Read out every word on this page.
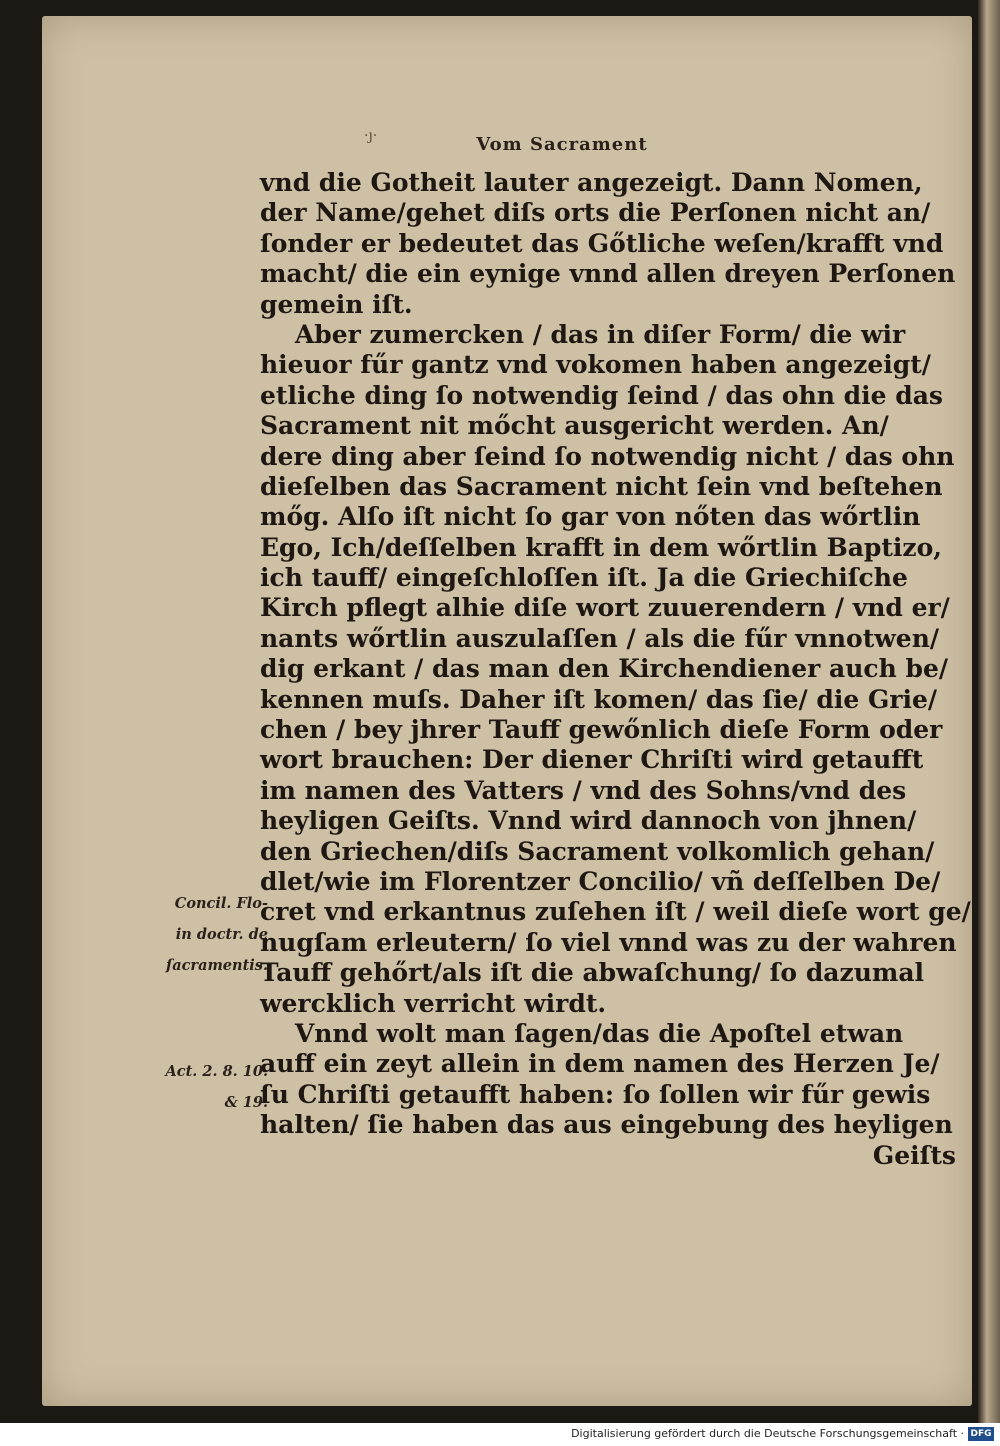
·ȷ·	Vom Sacrament
vnd die Gotheit lauter angezeigt. Dann Nomen,
der Name/gehet diſs orts die Perſonen nicht an/
ſonder er bedeutet das Gőtliche weſen/krafft vnd
macht/ die ein eynige vnnd allen dreyen Perſonen
gemein iſt.
Aber zumercken / das in diſer Form/ die wir
hieuor fűr gantz vnd vokomen haben angezeigt/
etliche ding ſo notwendig ſeind / das ohn die das
Sacrament nit mőcht ausgericht werden. An/
dere ding aber ſeind ſo notwendig nicht / das ohn
dieſelben das Sacrament nicht ſein vnd beſtehen
mőg. Alſo iſt nicht ſo gar von nőten das wőrtlin
Ego, Ich/deſſelben krafft in dem wőrtlin Baptizo,
ich tauff/ eingeſchloſſen iſt. Ja die Griechiſche
Kirch pflegt alhie diſe wort zuuerendern / vnd er/
nants wőrtlin auszulaſſen / als die fűr vnnotwen/
dig erkant / das man den Kirchendiener auch be/
kennen muſs. Daher iſt komen/ das ſie/ die Grie/
chen / bey jhrer Tauff gewőnlich dieſe Form oder
wort brauchen: Der diener Chriſti wird getaufft
im namen des Vatters / vnd des Sohns/vnd des
heyligen Geiſts. Vnnd wird dannoch von jhnen/
den Griechen/diſs Sacrament volkomlich gehan/
dlet/wie im Florentzer Concilio/ vñ deſſelben De/
cret vnd erkantnus zuſehen iſt / weil dieſe wort ge/
nugſam erleutern/ ſo viel vnnd was zu der wahren
Tauff gehőrt/als iſt die abwaſchung/ ſo dazumal
wercklich verricht wirdt.
Vnnd wolt man ſagen/das die Apoſtel etwan
auff ein zeyt allein in dem namen des Herzen Je/
ſu Chriſti getaufft haben: ſo ſollen wir fűr gewis
halten/ ſie haben das aus eingebung des heyligen
Geiſts
Concil. Flo-
in doctr. de
ſacramentis.
Act. 2. 8. 10.
& 19.
Digitalisierung gefördert durch die Deutsche Forschungsgemeinschaft · DFG
